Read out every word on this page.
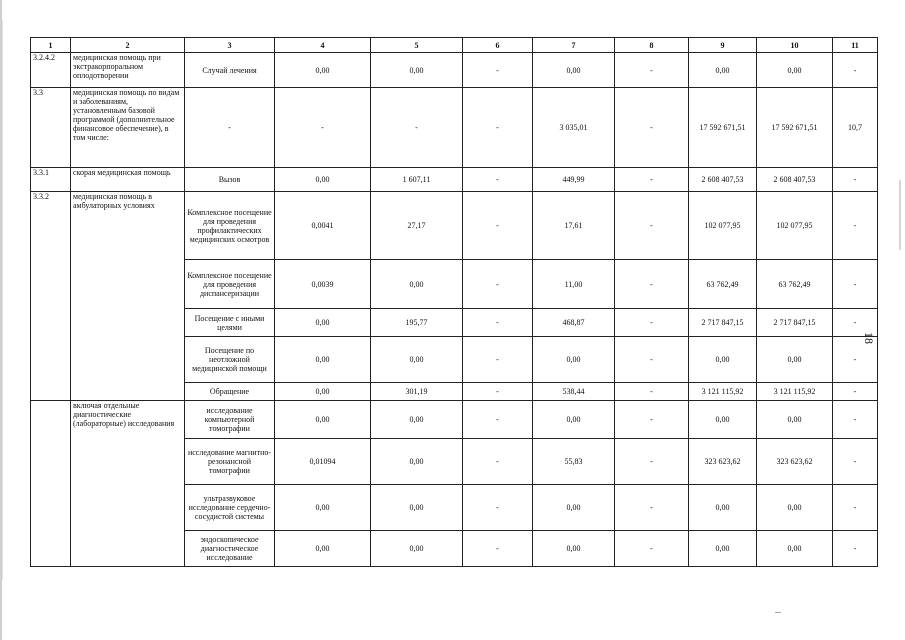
1	2	3	4	5	6	7	8	9	10	11
3.2.4.2	медицинская помощь при экстракорпоральном оплодотворении	Случай лечения	0,00	0,00	-	0,00	-	0,00	0,00	-
3.3	медицинская помощь по видам и заболеваниям, установленным базовой программой (дополнительное финансовое обеспечение), в том числе:	-	-	-	-	3 035,01	-	17 592 671,51	17 592 671,51	10,7
3.3.1	скорая медицинская помощь	Вызов	0,00	1 607,11	-	449,99	-	2 608 407,53	2 608 407,53	-
3.3.2	медицинская помощь в амбулаторных условиях	Комплексное посещение для проведения профилактических медицинских осмотров	0,0041	27,17	-	17,61	-	102 077,95	102 077,95	-
		Комплексное посещение для проведения диспансеризации	0,0039	0,00	-	11,00	-	63 762,49	63 762,49	-
		Посещение с иными целями	0,00	195,77	-	468,87	-	2 717 847,15	2 717 847,15	-
		Посещение по неотложной медицинской помощи	0,00	0,00	-	0,00	-	0,00	0,00	-
		Обращение	0,00	301,19	-	538,44	-	3 121 115,92	3 121 115,92	-
	включая отдельные диагностические (лабораторные) исследования	исследование компьютерной томографии	0,00	0,00	-	0,00	-	0,00	0,00	-
		исследование магнитно-резонансной томографии	0,01094	0,00	-	55,83	-	323 623,62	323 623,62	-
		ультразвуковое исследование сердечно-сосудистой системы	0,00	0,00	-	0,00	-	0,00	0,00	-
		эндоскопическое диагностическое исследование	0,00	0,00	-	0,00	-	0,00	0,00	-
18
